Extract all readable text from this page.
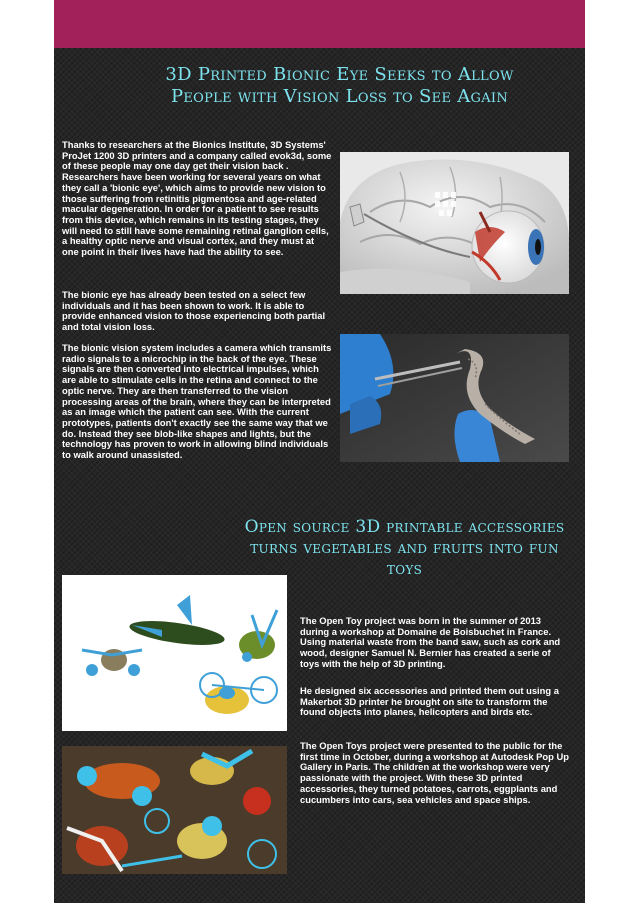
3D Printed Bionic Eye Seeks to Allow
People with Vision Loss to See Again

Thanks to researchers at the Bionics Institute, 3D Systems' ProJet 1200 3D printers and a company called evok3d, some of these people may one day get their vision back . Researchers have been working for several years on what they call a 'bionic eye', which aims to provide new vision to those suffering from retinitis pigmentosa and age-related macular degeneration. In order for a patient to see results from this device, which remains in its testing stages, they will need to still have some remaining retinal ganglion cells, a healthy optic nerve and visual cortex, and they must at one point in their lives have had the ability to see.

The bionic eye has already been tested on a select few individuals and it has been shown to work. It is able to provide enhanced vision to those experiencing both partial and total vision loss.

The bionic vision system includes a camera which transmits radio signals to a microchip in the back of the eye. These signals are then converted into electrical impulses, which are able to stimulate cells in the retina and connect to the optic nerve. They are then transferred to the vision processing areas of the brain, where they can be interpreted as an image which the patient can see. With the current prototypes, patients don't exactly see the same way that we do. Instead they see blob-like shapes and lights, but the technology has proven to work in allowing blind individuals to walk around unassisted.

Open source 3D printable accessories
turns vegetables and fruits into fun
toys

The Open Toy project was born in the summer of 2013 during a workshop at Domaine de Boisbuchet in France. Using material waste from the band saw, such as cork and wood, designer Samuel N. Bernier has created a serie of toys with the help of 3D printing.

He designed six accessories and printed them out using a Makerbot 3D printer he brought on site to transform the found objects into planes, helicopters and birds etc.

The Open Toys project were presented to the public for the first time in October, during a workshop at Autodesk Pop Up Gallery in Paris. The children at the workshop were very passionate with the project. With these 3D printed accessories, they turned potatoes, carrots, eggplants and cucumbers into cars, sea vehicles and space ships.
